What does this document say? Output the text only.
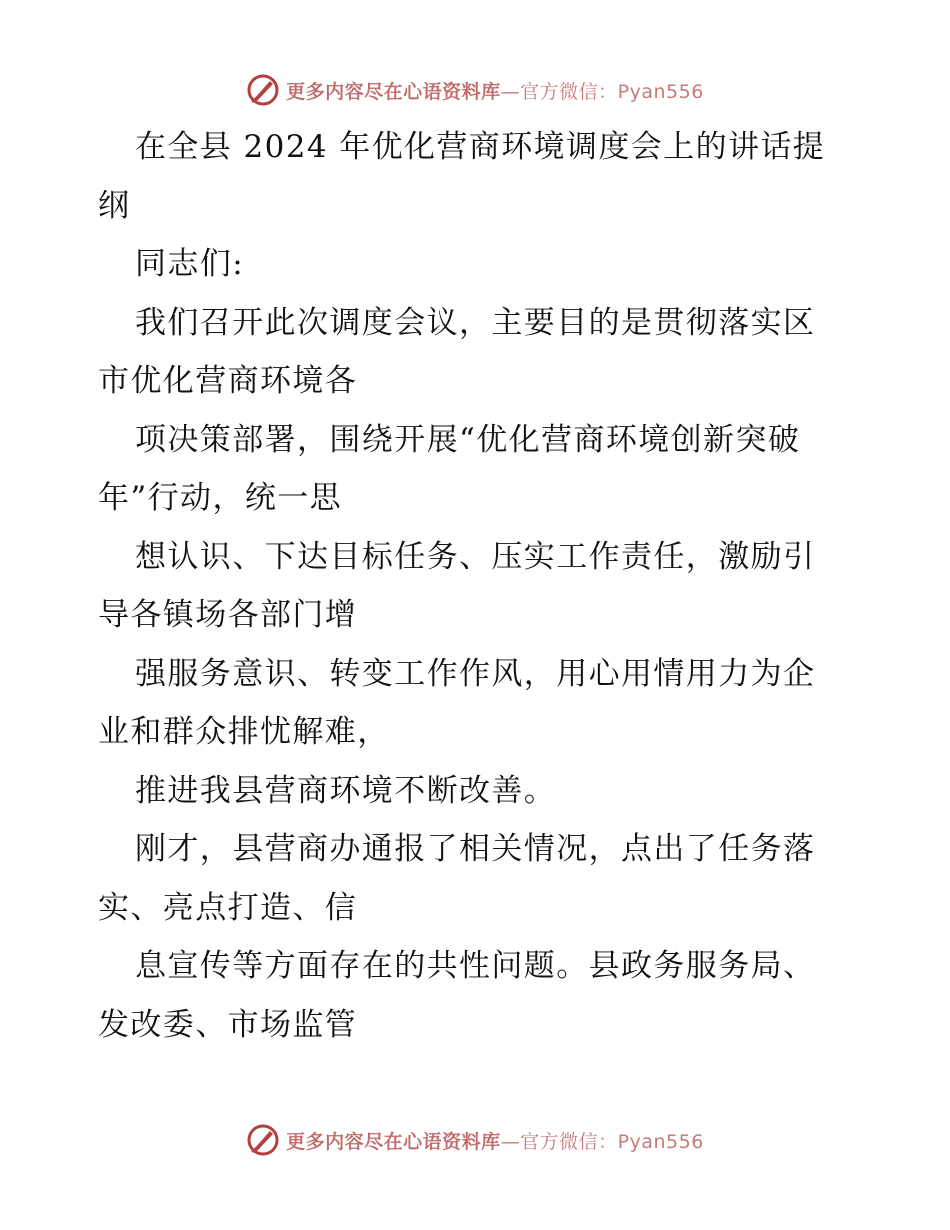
更多内容尽在心语资料库—官方微信：Pyan556
在全县 2024 年优化营商环境调度会上的讲话提
纲
同志们:
我们召开此次调度会议，主要目的是贯彻落实区
市优化营商环境各
项决策部署，围绕开展“优化营商环境创新突破
年”行动，统一思
想认识、下达目标任务、压实工作责任，激励引
导各镇场各部门增
强服务意识、转变工作作风，用心用情用力为企
业和群众排忧解难，
推进我县营商环境不断改善。
刚才，县营商办通报了相关情况，点出了任务落
实、亮点打造、信
息宣传等方面存在的共性问题。县政务服务局、
发改委、市场监管
更多内容尽在心语资料库—官方微信：Pyan556
